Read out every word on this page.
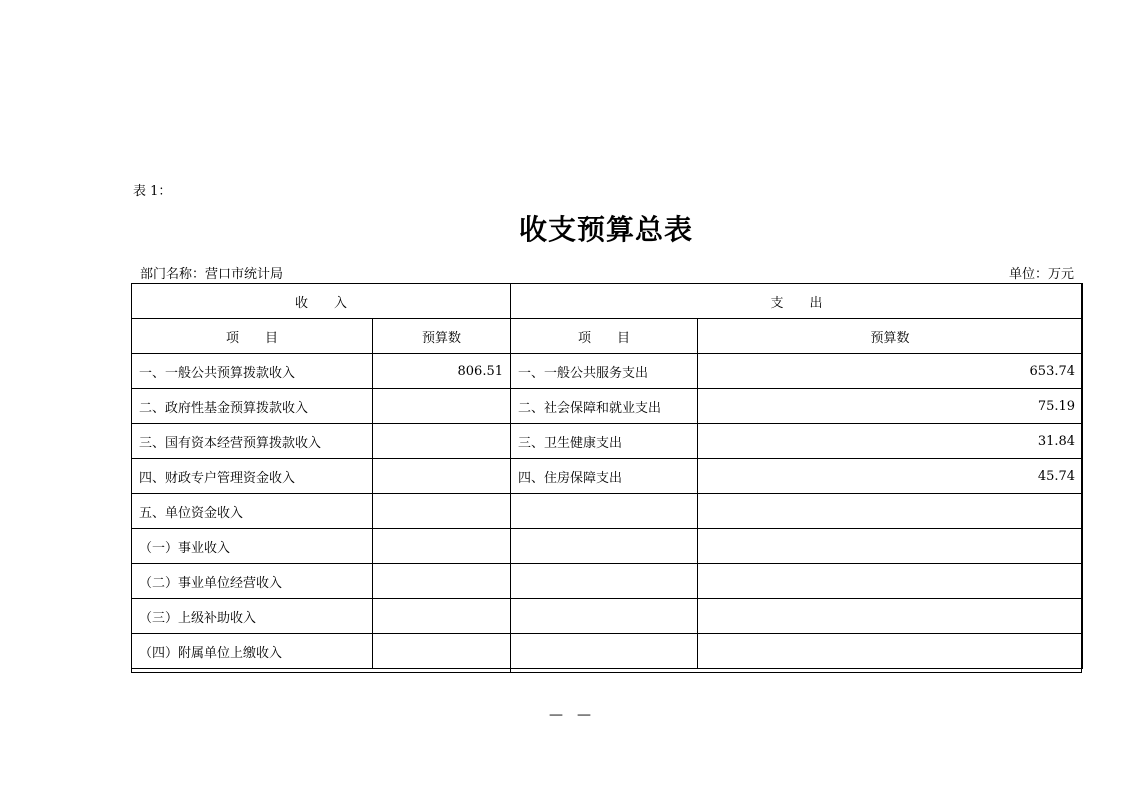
表 1：
收支预算总表
部门名称：营口市统计局	单位：万元
收　　入		支　　出	
项　　目	预算数	项　　目	预算数
一、一般公共预算拨款收入	806.51	一、一般公共服务支出	653.74
二、政府性基金预算拨款收入		二、社会保障和就业支出	75.19
三、国有资本经营预算拨款收入		三、卫生健康支出	31.84
四、财政专户管理资金收入		四、住房保障支出	45.74
五、单位资金收入			
（一）事业收入			
（二）事业单位经营收入			
（三）上级补助收入			
（四）附属单位上缴收入			
—　—
